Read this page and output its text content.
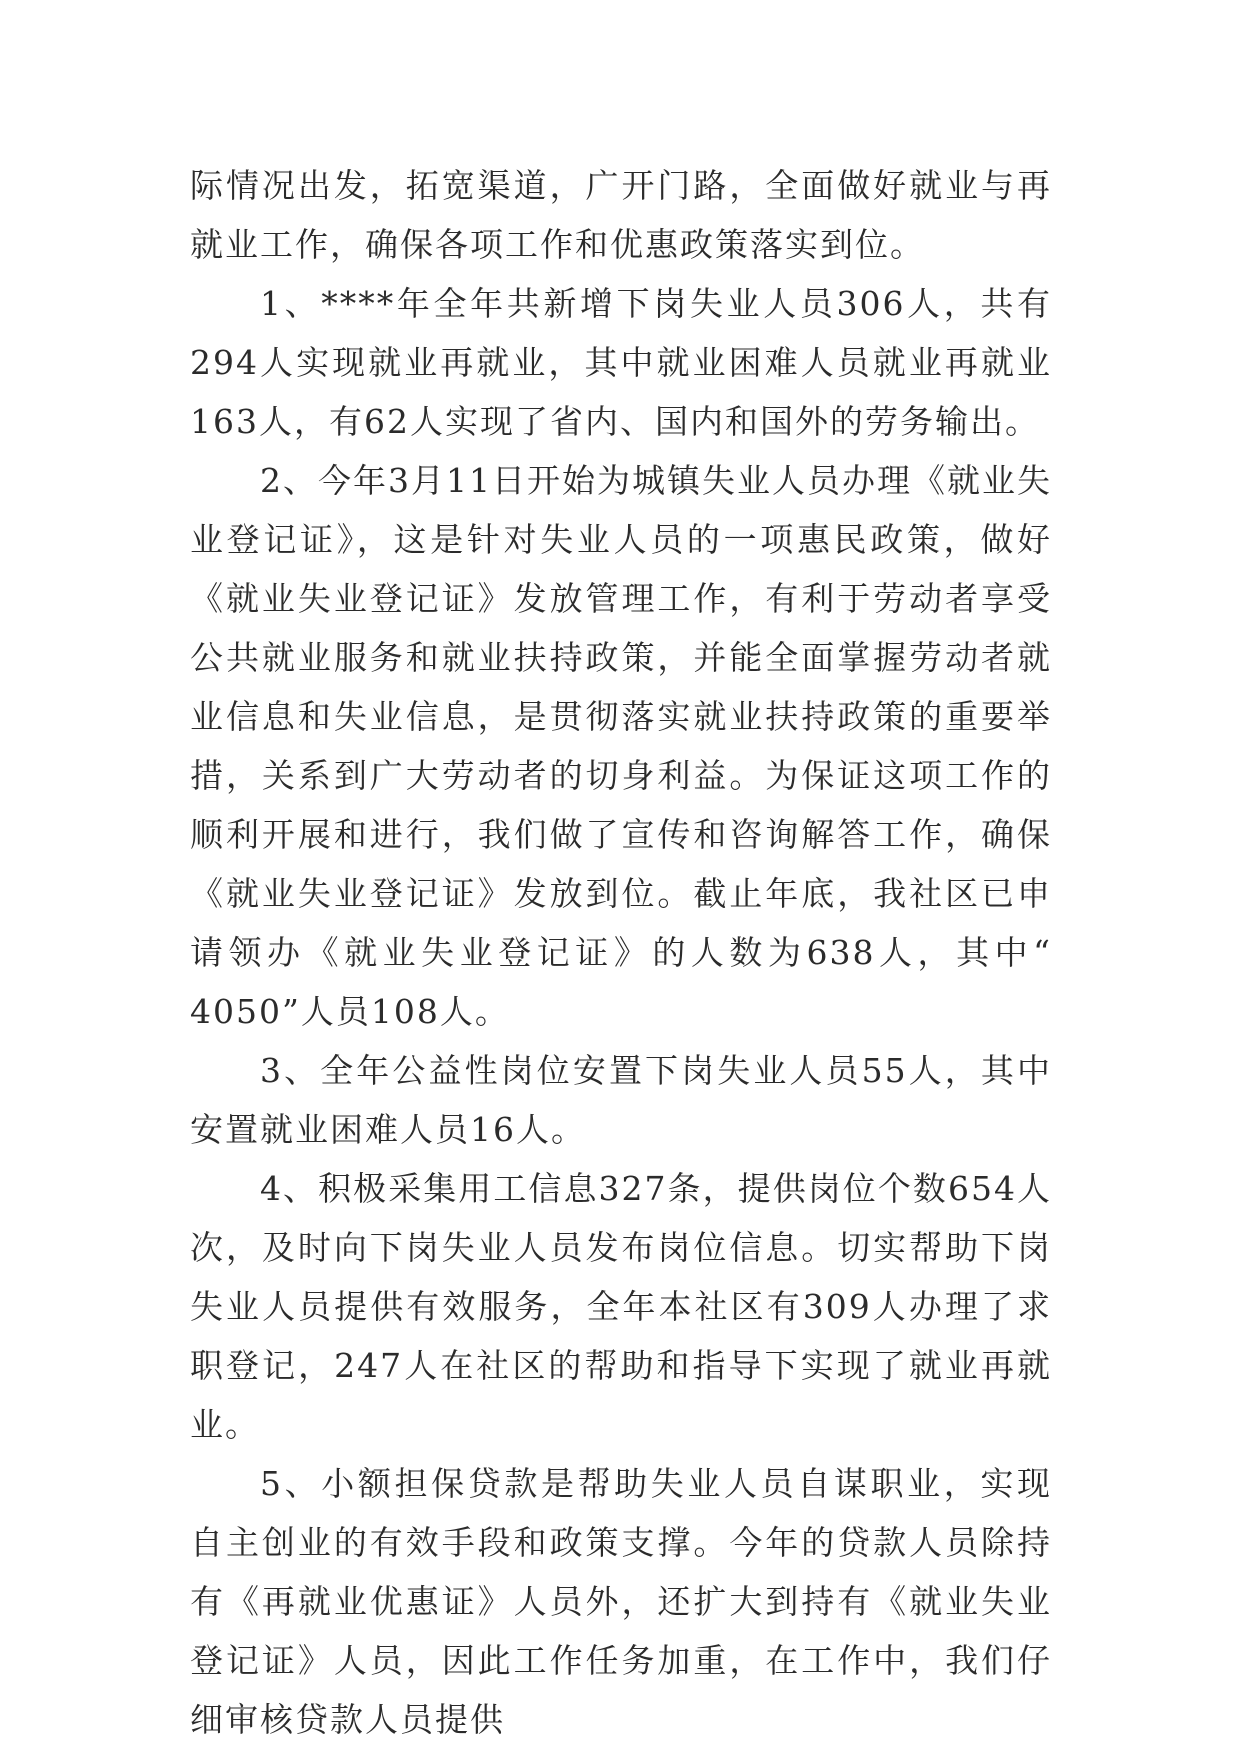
际情况出发，拓宽渠道，广开门路，全面做好就业与再就业工作，确保各项工作和优惠政策落实到位。

1、****年全年共新增下岗失业人员306人，共有294人实现就业再就业，其中就业困难人员就业再就业163人，有62人实现了省内、国内和国外的劳务输出。

2、今年3月11日开始为城镇失业人员办理《就业失业登记证》，这是针对失业人员的一项惠民政策，做好《就业失业登记证》发放管理工作，有利于劳动者享受公共就业服务和就业扶持政策，并能全面掌握劳动者就业信息和失业信息，是贯彻落实就业扶持政策的重要举措，关系到广大劳动者的切身利益。为保证这项工作的顺利开展和进行，我们做了宣传和咨询解答工作，确保《就业失业登记证》发放到位。截止年底，我社区已申请领办《就业失业登记证》的人数为638人，其中“ 4050”人员108人。

3、全年公益性岗位安置下岗失业人员55人，其中安置就业困难人员16人。

4、积极采集用工信息327条，提供岗位个数654人次，及时向下岗失业人员发布岗位信息。切实帮助下岗失业人员提供有效服务，全年本社区有309人办理了求职登记，247人在社区的帮助和指导下实现了就业再就业。

5、小额担保贷款是帮助失业人员自谋职业，实现自主创业的有效手段和政策支撑。今年的贷款人员除持有《再就业优惠证》人员外，还扩大到持有《就业失业登记证》人员，因此工作任务加重，在工作中，我们仔细审核贷款人员提供
